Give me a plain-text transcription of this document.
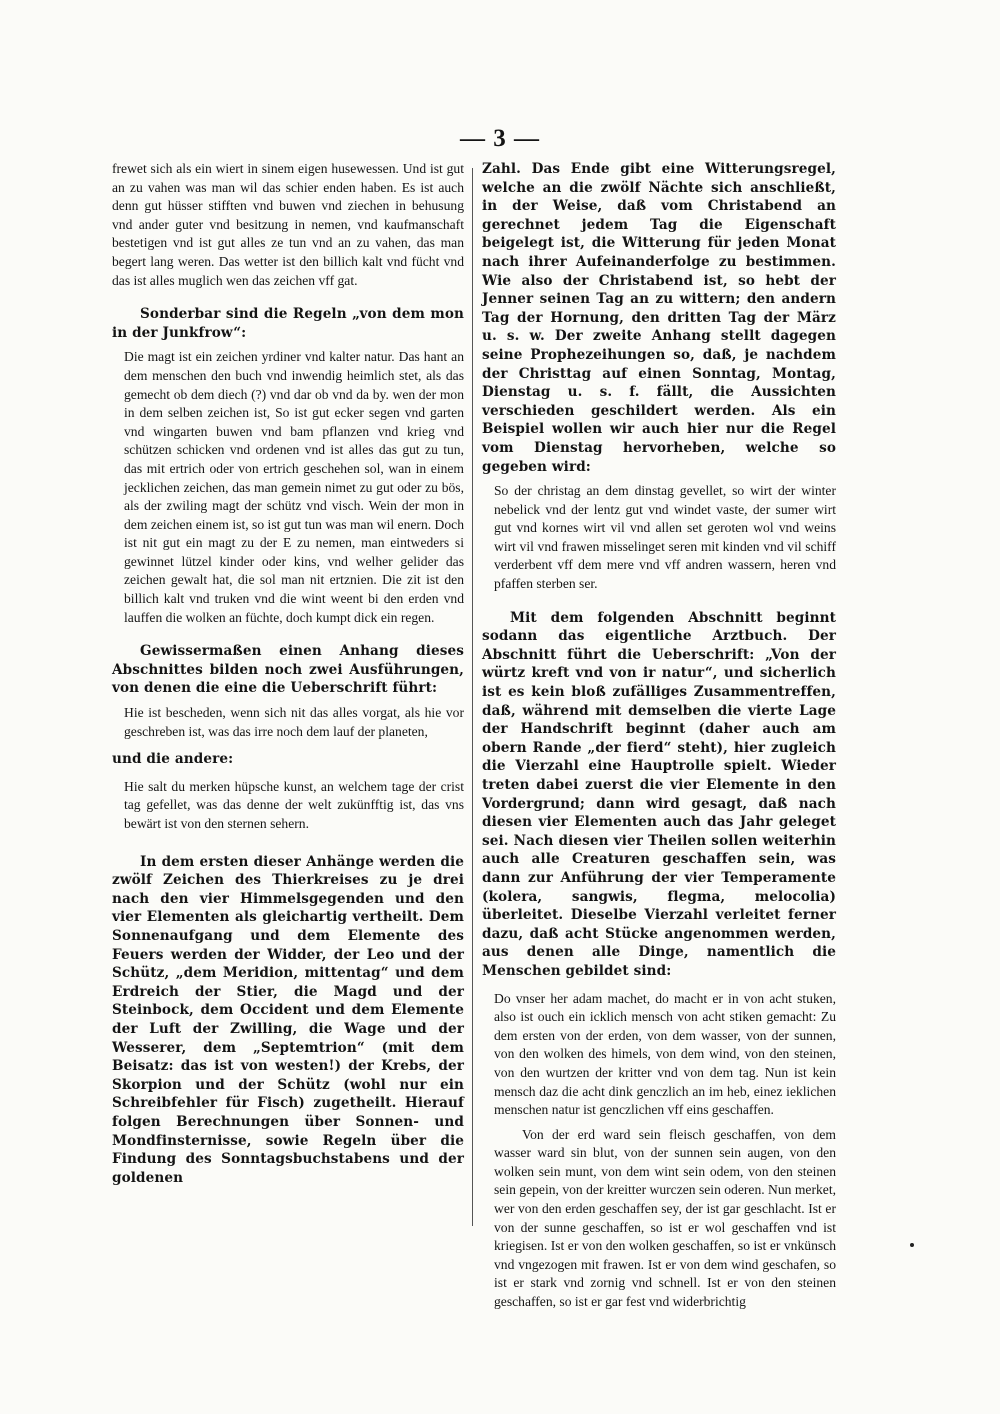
— 3 —

frewet sich als ein wiert in sinem eigen husewessen. Und ist gut an zu vahen was man wil das schier enden haben. Es ist auch denn gut hüsser stifften vnd buwen vnd ziechen in behusung vnd ander guter vnd besitzung in nemen, vnd kaufmanschaft bestetigen vnd ist gut alles ze tun vnd an zu vahen, das man begert lang weren. Das wetter ist den billich kalt vnd fücht vnd das ist alles muglich wen das zeichen vff gat.

Sonderbar sind die Regeln „von dem mon in der Junkfrow“:

Die magt ist ein zeichen yrdiner vnd kalter natur. Das hant an dem menschen den buch vnd inwendig heimlich stet, als das gemecht ob dem diech (?) vnd dar ob vnd da by. wen der mon in dem selben zeichen ist, So ist gut ecker segen vnd garten vnd wingarten buwen vnd bam pflanzen vnd krieg vnd schützen schicken vnd ordenen vnd ist alles das gut zu tun, das mit ertrich oder von ertrich geschehen sol, wan in einem jecklichen zeichen, das man gemein nimet zu gut oder zu bös, als der zwiling magt der schütz vnd visch. Wein der mon in dem zeichen einem ist, so ist gut tun was man wil enern. Doch ist nit gut ein magt zu der E zu nemen, man eintweders si gewinnet lützel kinder oder kins, vnd welher gelider das zeichen gewalt hat, die sol man nit ertznien. Die zit ist den billich kalt vnd truken vnd die wint weent bi den erden vnd lauffen die wolken an füchte, doch kumpt dick ein regen.

Gewissermaßen einen Anhang dieses Abschnittes bilden noch zwei Ausführungen, von denen die eine die Ueberschrift führt:

Hie ist bescheden, wenn sich nit das alles vorgat, als hie vor geschreben ist, was das irre noch dem lauf der planeten,

und die andere:

Hie salt du merken hüpsche kunst, an welchem tage der crist tag gefellet, was das denne der welt zukünfftig ist, das vns bewärt ist von den sternen sehern.

In dem ersten dieser Anhänge werden die zwölf Zeichen des Thierkreises zu je drei nach den vier Himmelsgegenden und den vier Elementen als gleichartig vertheilt. Dem Sonnenaufgang und dem Elemente des Feuers werden der Widder, der Leo und der Schütz, „dem Meridion, mittentag“ und dem Erdreich der Stier, die Magd und der Steinbock, dem Occident und dem Elemente der Luft der Zwilling, die Wage und der Wesserer, dem „Septemtrion“ (mit dem Beisatz: das ist von westen!) der Krebs, der Skorpion und der Schütz (wohl nur ein Schreibfehler für Fisch) zugetheilt. Hierauf folgen Berechnungen über Sonnen- und Mondfinsternisse, sowie Regeln über die Findung des Sonntagsbuchstabens und der goldenen

Zahl. Das Ende gibt eine Witterungsregel, welche an die zwölf Nächte sich anschließt, in der Weise, daß vom Christabend an gerechnet jedem Tag die Eigenschaft beigelegt ist, die Witterung für jeden Monat nach ihrer Aufeinanderfolge zu bestimmen. Wie also der Christabend ist, so hebt der Jenner seinen Tag an zu wittern; den andern Tag der Hornung, den dritten Tag der März u. s. w. Der zweite Anhang stellt dagegen seine Prophezeihungen so, daß, je nachdem der Christtag auf einen Sonntag, Montag, Dienstag u. s. f. fällt, die Aussichten verschieden geschildert werden. Als ein Beispiel wollen wir auch hier nur die Regel vom Dienstag hervorheben, welche so gegeben wird:

So der christag an dem dinstag gevellet, so wirt der winter nebelick vnd der lentz gut vnd windet vaste, der sumer wirt gut vnd kornes wirt vil vnd allen set geroten wol vnd weins wirt vil vnd frawen misselinget seren mit kinden vnd vil schiff verderbent vff dem mere vnd vff andren wassern, heren vnd pfaffen sterben ser.

Mit dem folgenden Abschnitt beginnt sodann das eigentliche Arztbuch. Der Abschnitt führt die Ueberschrift: „Von der würtz kreft vnd von ir natur“, und sicherlich ist es kein bloß zufälliges Zusammentreffen, daß, während mit demselben die vierte Lage der Handschrift beginnt (daher auch am obern Rande „der fierd“ steht), hier zugleich die Vierzahl eine Hauptrolle spielt. Wieder treten dabei zuerst die vier Elemente in den Vordergrund; dann wird gesagt, daß nach diesen vier Elementen auch das Jahr geleget sei. Nach diesen vier Theilen sollen weiterhin auch alle Creaturen geschaffen sein, was dann zur Anführung der vier Temperamente (kolera, sangwis, flegma, melocolia) überleitet. Dieselbe Vierzahl verleitet ferner dazu, daß acht Stücke angenommen werden, aus denen alle Dinge, namentlich die Menschen gebildet sind:

Do vnser her adam machet, do macht er in von acht stuken, also ist ouch ein icklich mensch von acht stiken gemacht: Zu dem ersten von der erden, von dem wasser, von der sunnen, von den wolken des himels, von dem wind, von den steinen, von den wurtzen der kritter vnd von dem tag. Nun ist kein mensch daz die acht dink genczlich an im heb, einez ieklichen menschen natur ist genczlichen vff eins geschaffen.

Von der erd ward sein fleisch geschaffen, von dem wasser ward sin blut, von der sunnen sein augen, von den wolken sein munt, von dem wint sein odem, von den steinen sein gepein, von der kreitter wurczen sein oderen. Nun merket, wer von den erden geschaffen sey, der ist gar geschlacht. Ist er von der sunne geschaffen, so ist er wol geschaffen vnd ist kriegisen. Ist er von den wolken geschaffen, so ist er vnkünsch vnd vngezogen mit frawen. Ist er von dem wind geschafen, so ist er stark vnd zornig vnd schnell. Ist er von den steinen geschaffen, so ist er gar fest vnd widerbrichtig
